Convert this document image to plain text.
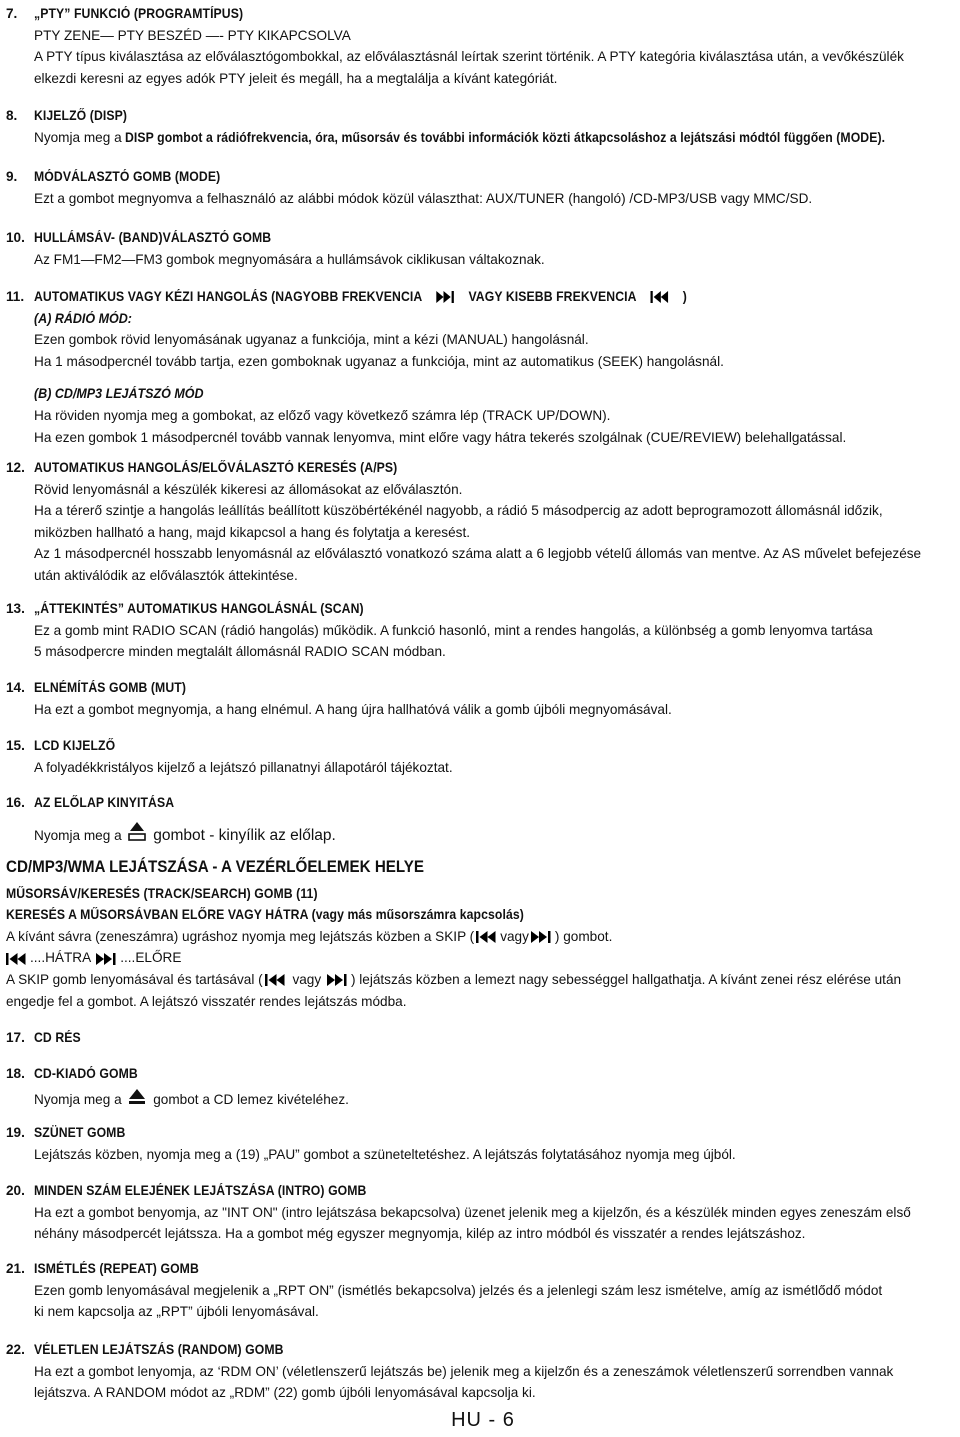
7.	„PTY” FUNKCIÓ (PROGRAMTÍPUS)
PTY ZENE— PTY BESZÉD —- PTY KIKAPCSOLVA
A PTY típus kiválasztása az előválasztógombokkal, az előválasztásnál leírtak szerint történik. A PTY kategória kiválasztása után, a vevőkészülék
elkezdi keresni az egyes adók PTY jeleit és megáll, ha a megtalálja a kívánt kategóriát.
8.	KIJELZŐ (DISP)
Nyomja meg a DISP gombot a rádiófrekvencia, óra, műsorsáv és további információk közti átkapcsoláshoz a lejátszási módtól függően (MODE).
9.	MÓDVÁLASZTÓ GOMB (MODE)
Ezt a gombot megnyomva a felhasználó az alábbi módok közül választhat: AUX/TUNER (hangoló) /CD-MP3/USB vagy MMC/SD.
10. HULLÁMSÁV- (BAND)VÁLASZTÓ GOMB
Az FM1—FM2—FM3 gombok megnyomására a hullámsávok ciklikusan váltakoznak.
11. AUTOMATIKUS VAGY KÉZI HANGOLÁS (NAGYOBB FREKVENCIA	VAGY KISEBB FREKVENCIA	)
(A) RÁDIÓ MÓD:
Ezen gombok rövid lenyomásának ugyanaz a funkciója, mint a kézi (MANUAL) hangolásnál.
Ha 1 másodpercnél tovább tartja, ezen gomboknak ugyanaz a funkciója, mint az automatikus (SEEK) hangolásnál.
(B) CD/MP3 LEJÁTSZÓ MÓD
Ha röviden nyomja meg a gombokat, az előző vagy következő számra lép (TRACK UP/DOWN).
Ha ezen gombok 1 másodpercnél tovább vannak lenyomva, mint előre vagy hátra tekerés szolgálnak (CUE/REVIEW) belehallgatással.
12. AUTOMATIKUS HANGOLÁS/ELŐVÁLASZTÓ KERESÉS (A/PS)
Rövid lenyomásnál a készülék kikeresi az állomásokat az előválasztón.
Ha a térerő szintje a hangolás leállítás beállított küszöbértékénél nagyobb, a rádió 5 másodpercig az adott beprogramozott állomásnál időzik,
miközben hallható a hang, majd kikapcsol a hang és folytatja a keresést.
Az 1 másodpercnél hosszabb lenyomásnál az előválasztó vonatkozó száma alatt a 6 legjobb vételű állomás van mentve. Az AS művelet befejezése
után aktiválódik az előválasztók áttekintése.
13. „ÁTTEKINTÉS” AUTOMATIKUS HANGOLÁSNÁL (SCAN)
Ez a gomb mint RADIO SCAN (rádió hangolás) működik. A funkció hasonló, mint a rendes hangolás, a különbség a gomb lenyomva tartása
5 másodpercre minden megtalált állomásnál RADIO SCAN módban.
14. ELNÉMÍTÁS GOMB (MUT)
Ha ezt a gombot megnyomja, a hang elnémul. A hang újra hallhatóvá válik a gomb újbóli megnyomásával.
15. LCD KIJELZŐ
A folyadékkristályos kijelző a lejátszó pillanatnyi állapotáról tájékoztat.
16. AZ ELŐLAP KINYITÁSA
Nyomja meg a gombot - kinyílik az előlap.
CD/MP3/WMA LEJÁTSZÁSA - A VEZÉRLŐELEMEK HELYE
MŰSORSÁV/KERESÉS (TRACK/SEARCH) GOMB (11)
KERESÉS A MŰSORSÁVBAN ELŐRE VAGY HÁTRA (vagy más műsorszámra kapcsolás)
A kívánt sávra (zeneszámra) ugráshoz nyomja meg lejátszás közben a SKIP ( vagy ) gombot.
....HÁTRA ....ELŐRE
A SKIP gomb lenyomásával és tartásával ( vagy ) lejátszás közben a lemezt nagy sebességgel hallgathatja. A kívánt zenei rész elérése után
engedje fel a gombot. A lejátszó visszatér rendes lejátszás módba.
17. CD RÉS
18. CD-KIADÓ GOMB
Nyomja meg a gombot a CD lemez kivételéhez.
19. SZÜNET GOMB
Lejátszás közben, nyomja meg a (19) „PAU” gombot a szüneteltetéshez. A lejátszás folytatásához nyomja meg újból.
20. MINDEN SZÁM ELEJÉNEK LEJÁTSZÁSA (INTRO) GOMB
Ha ezt a gombot benyomja, az "INT ON" (intro lejátszása bekapcsolva) üzenet jelenik meg a kijelzőn, és a készülék minden egyes zeneszám első
néhány másodpercét lejátssza. Ha a gombot még egyszer megnyomja, kilép az intro módból és visszatér a rendes lejátszáshoz.
21. ISMÉTLÉS (REPEAT) GOMB
Ezen gomb lenyomásával megjelenik a „RPT ON” (ismétlés bekapcsolva) jelzés és a jelenlegi szám lesz ismételve, amíg az ismétlődő módot
ki nem kapcsolja az „RPT” újbóli lenyomásával.
22. VÉLETLEN LEJÁTSZÁS (RANDOM) GOMB
Ha ezt a gombot lenyomja, az ‘RDM ON’ (véletlenszerű lejátszás be) jelenik meg a kijelzőn és a zeneszámok véletlenszerű sorrendben vannak
lejátszva. A RANDOM módot az „RDM” (22) gomb újbóli lenyomásával kapcsolja ki.
HU - 6
